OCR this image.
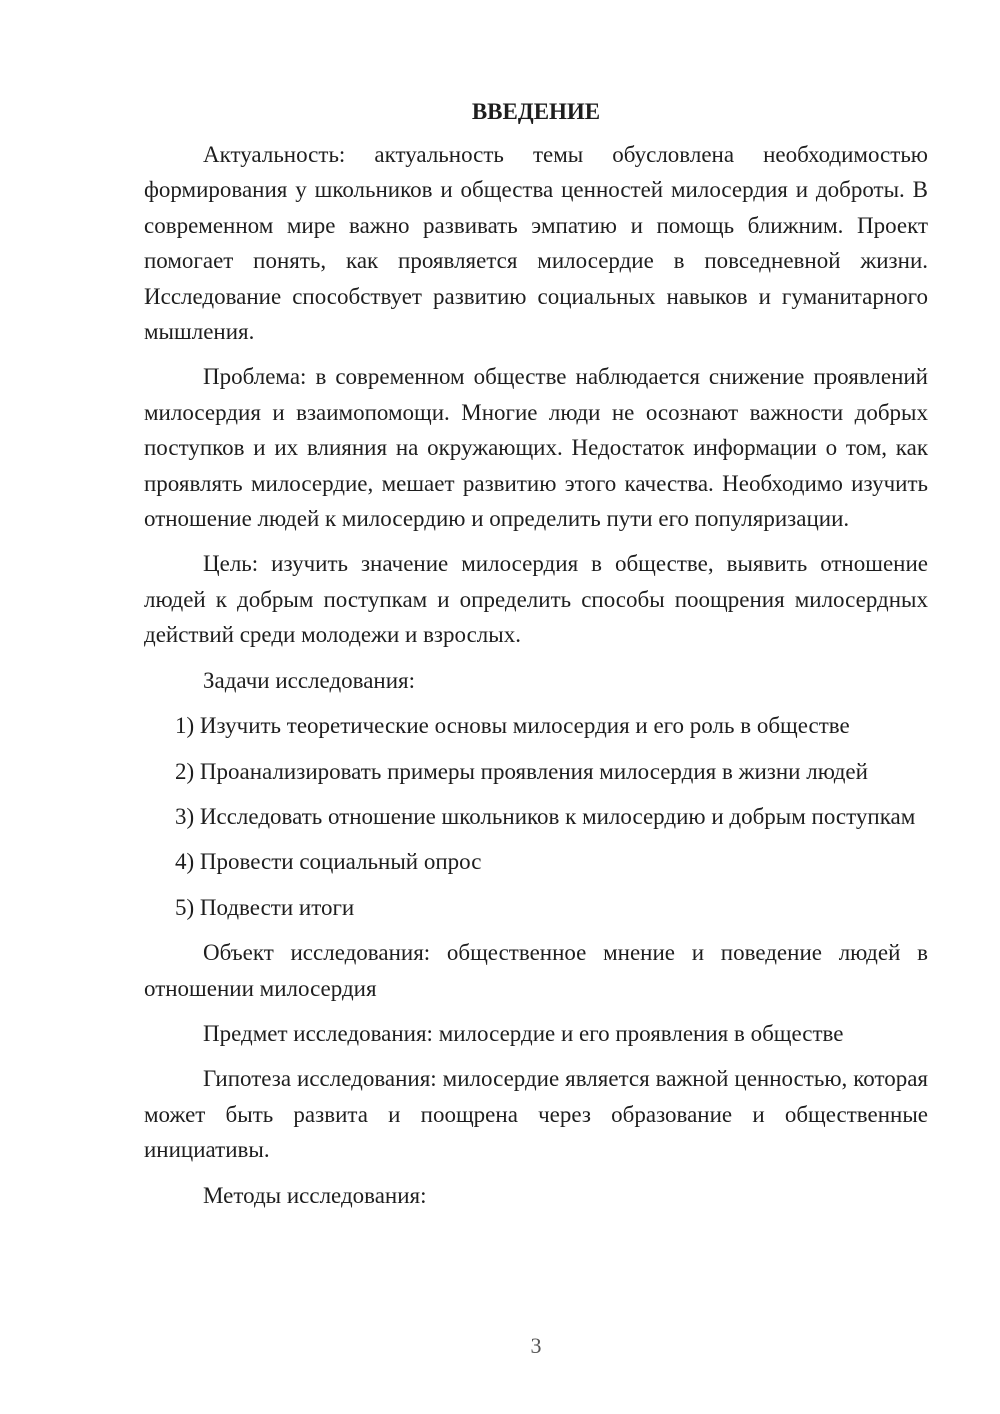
ВВЕДЕНИЕ

Актуальность: актуальность темы обусловлена необходимостью формирования у школьников и общества ценностей милосердия и доброты. В современном мире важно развивать эмпатию и помощь ближним. Проект помогает понять, как проявляется милосердие в повседневной жизни. Исследование способствует развитию социальных навыков и гуманитарного мышления.

Проблема: в современном обществе наблюдается снижение проявлений милосердия и взаимопомощи. Многие люди не осознают важности добрых поступков и их влияния на окружающих. Недостаток информации о том, как проявлять милосердие, мешает развитию этого качества. Необходимо изучить отношение людей к милосердию и определить пути его популяризации.

Цель: изучить значение милосердия в обществе, выявить отношение людей к добрым поступкам и определить способы поощрения милосердных действий среди молодежи и взрослых.

Задачи исследования:

1) Изучить теоретические основы милосердия и его роль в обществе

2) Проанализировать примеры проявления милосердия в жизни людей

3) Исследовать отношение школьников к милосердию и добрым поступкам

4) Провести социальный опрос

5) Подвести итоги

Объект исследования: общественное мнение и поведение людей в отношении милосердия

Предмет исследования: милосердие и его проявления в обществе

Гипотеза исследования: милосердие является важной ценностью, которая может быть развита и поощрена через образование и общественные инициативы.

Методы исследования:

3
